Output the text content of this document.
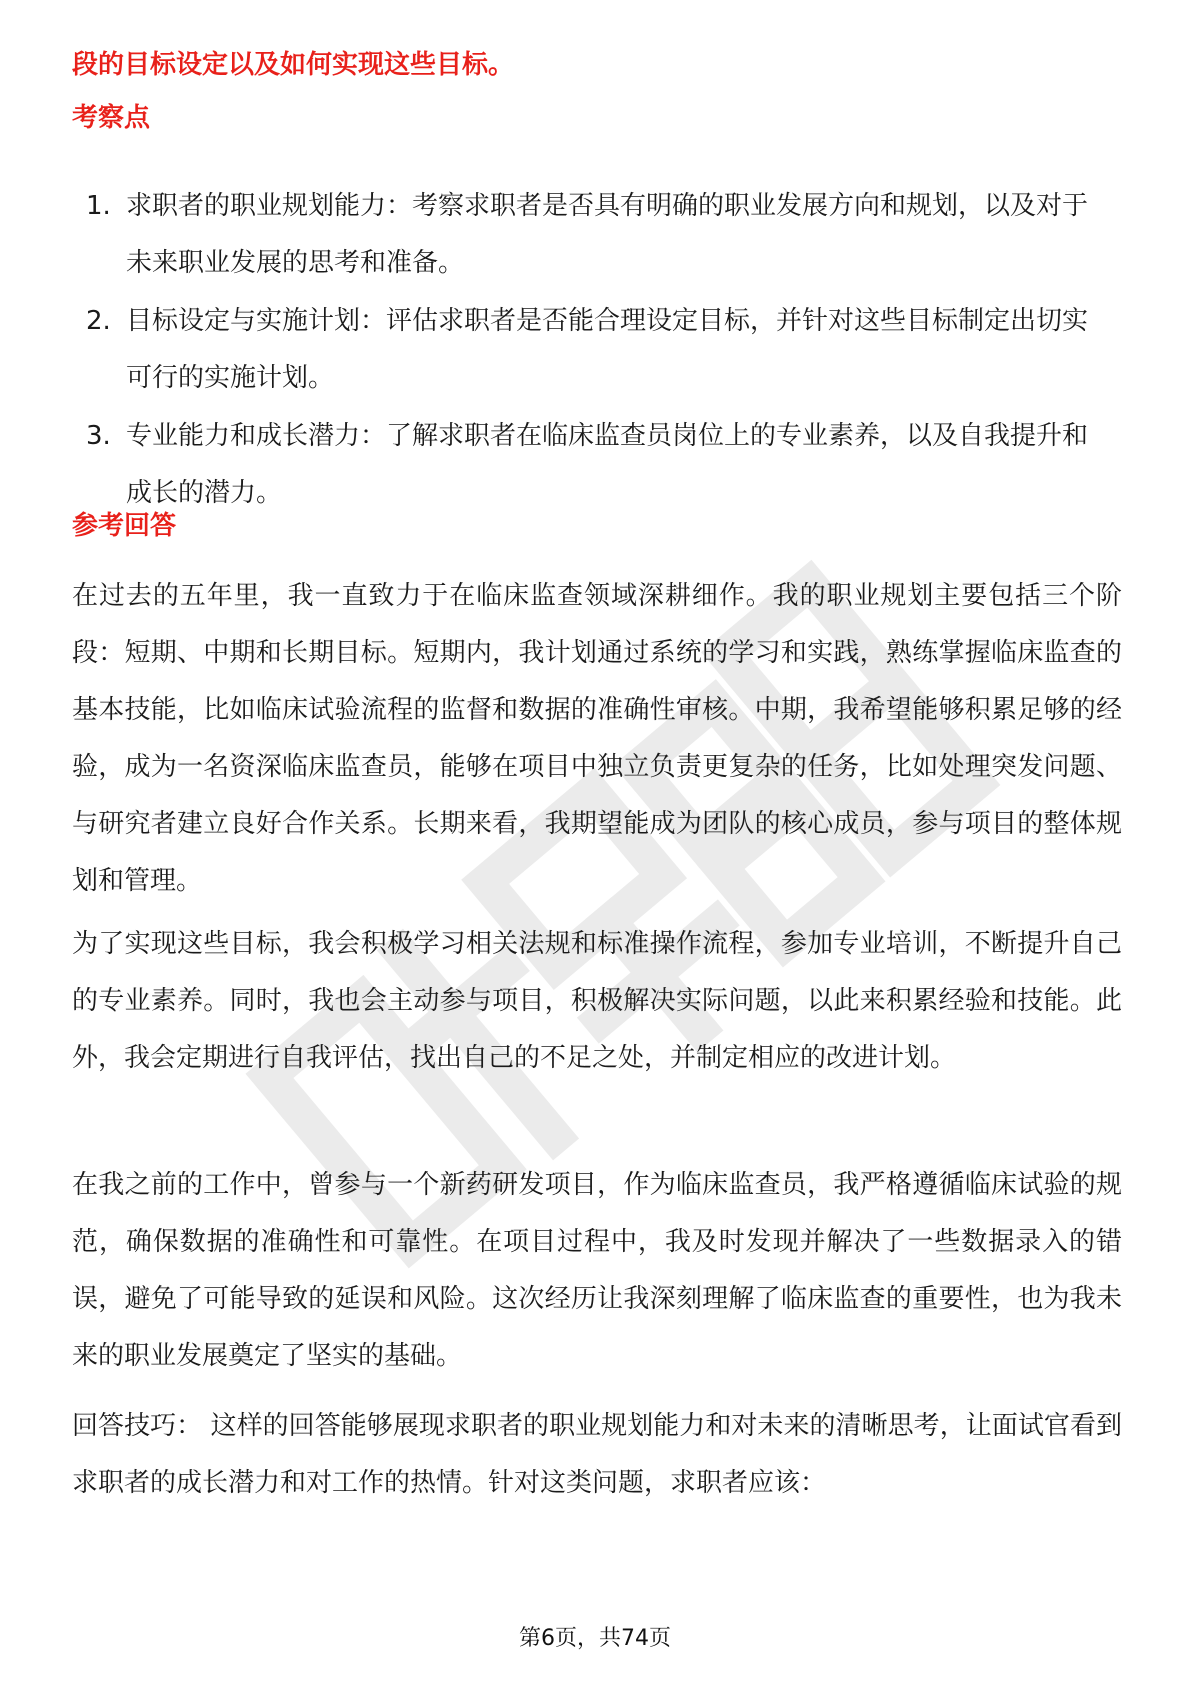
段的目标设定以及如何实现这些目标。

考察点
1. 求职者的职业规划能力：考察求职者是否具有明确的职业发展方向和规划，以及对于未来职业发展的思考和准备。
2. 目标设定与实施计划：评估求职者是否能合理设定目标，并针对这些目标制定出切实可行的实施计划。
3. 专业能力和成长潜力：了解求职者在临床监查员岗位上的专业素养，以及自我提升和成长的潜力。
参考回答

在过去的五年里，我一直致力于在临床监查领域深耕细作。我的职业规划主要包括三个阶段：短期、中期和长期目标。短期内，我计划通过系统的学习和实践，熟练掌握临床监查的基本技能，比如临床试验流程的监督和数据的准确性审核。中期，我希望能够积累足够的经验，成为一名资深临床监查员，能够在项目中独立负责更复杂的任务，比如处理突发问题、与研究者建立良好合作关系。长期来看，我期望能成为团队的核心成员，参与项目的整体规划和管理。

为了实现这些目标，我会积极学习相关法规和标准操作流程，参加专业培训，不断提升自己的专业素养。同时，我也会主动参与项目，积极解决实际问题，以此来积累经验和技能。此外，我会定期进行自我评估，找出自己的不足之处，并制定相应的改进计划。

在我之前的工作中，曾参与一个新药研发项目，作为临床监查员，我严格遵循临床试验的规范，确保数据的准确性和可靠性。在项目过程中，我及时发现并解决了一些数据录入的错误，避免了可能导致的延误和风险。这次经历让我深刻理解了临床监查的重要性，也为我未来的职业发展奠定了坚实的基础。

回答技巧： 这样的回答能够展现求职者的职业规划能力和对未来的清晰思考，让面试官看到求职者的成长潜力和对工作的热情。针对这类问题，求职者应该：

第6页，共74页
